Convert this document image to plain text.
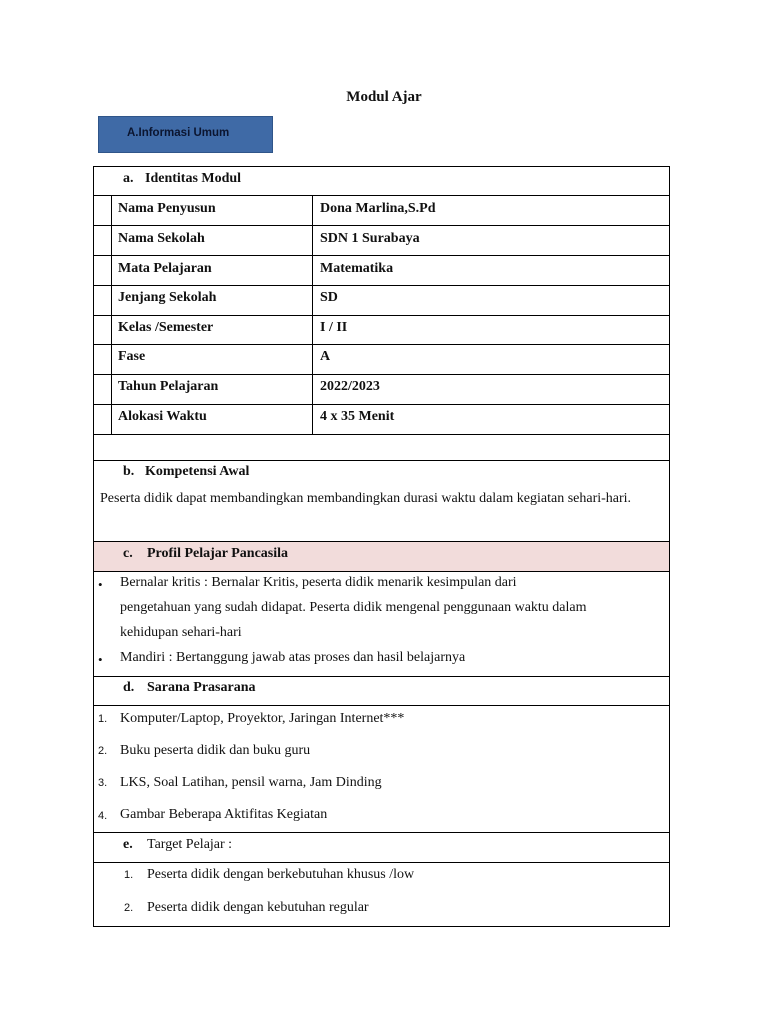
Modul Ajar
A.Informasi Umum
a. Identitas Modul
Nama Penyusun	Dona Marlina,S.Pd
Nama Sekolah	SDN 1 Surabaya
Mata Pelajaran	Matematika
Jenjang Sekolah	SD
Kelas /Semester	I / II
Fase	A
Tahun Pelajaran	2022/2023
Alokasi Waktu	4 x 35 Menit
b. Kompetensi Awal
Peserta didik dapat membandingkan membandingkan durasi waktu dalam kegiatan sehari-hari.
c. Profil Pelajar Pancasila
• Bernalar kritis : Bernalar Kritis, peserta didik menarik kesimpulan dari
pengetahuan yang sudah didapat. Peserta didik mengenal penggunaan waktu dalam
kehidupan sehari-hari
• Mandiri : Bertanggung jawab atas proses dan hasil belajarnya
d. Sarana Prasarana
1. Komputer/Laptop, Proyektor, Jaringan Internet***
2. Buku peserta didik dan buku guru
3. LKS, Soal Latihan, pensil warna, Jam Dinding
4. Gambar Beberapa Aktifitas Kegiatan
e. Target Pelajar :
1. Peserta didik dengan berkebutuhan khusus /low
2. Peserta didik dengan kebutuhan regular
